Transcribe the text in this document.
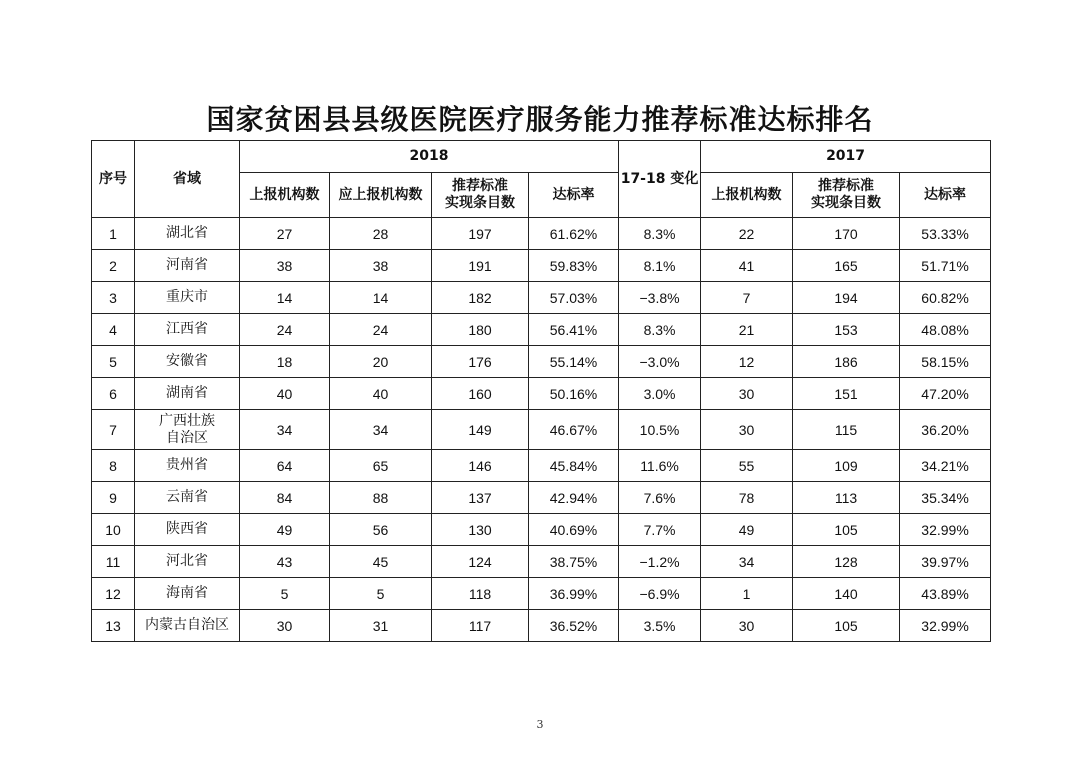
国家贫困县县级医院医疗服务能力推荐标准达标排名
序号	省域	2018				17-18 变化	2017		
		上报机构数	应上报机构数	推荐标准
实现条目数	达标率		上报机构数	推荐标准
实现条目数	达标率
1	湖北省	27	28	197	61.62%	8.3%	22	170	53.33%
2	河南省	38	38	191	59.83%	8.1%	41	165	51.71%
3	重庆市	14	14	182	57.03%	−3.8%	7	194	60.82%
4	江西省	24	24	180	56.41%	8.3%	21	153	48.08%
5	安徽省	18	20	176	55.14%	−3.0%	12	186	58.15%
6	湖南省	40	40	160	50.16%	3.0%	30	151	47.20%
7	广西壮族
自治区	34	34	149	46.67%	10.5%	30	115	36.20%
8	贵州省	64	65	146	45.84%	11.6%	55	109	34.21%
9	云南省	84	88	137	42.94%	7.6%	78	113	35.34%
10	陕西省	49	56	130	40.69%	7.7%	49	105	32.99%
11	河北省	43	45	124	38.75%	−1.2%	34	128	39.97%
12	海南省	5	5	118	36.99%	−6.9%	1	140	43.89%
13	内蒙古自治区	30	31	117	36.52%	3.5%	30	105	32.99%
3
